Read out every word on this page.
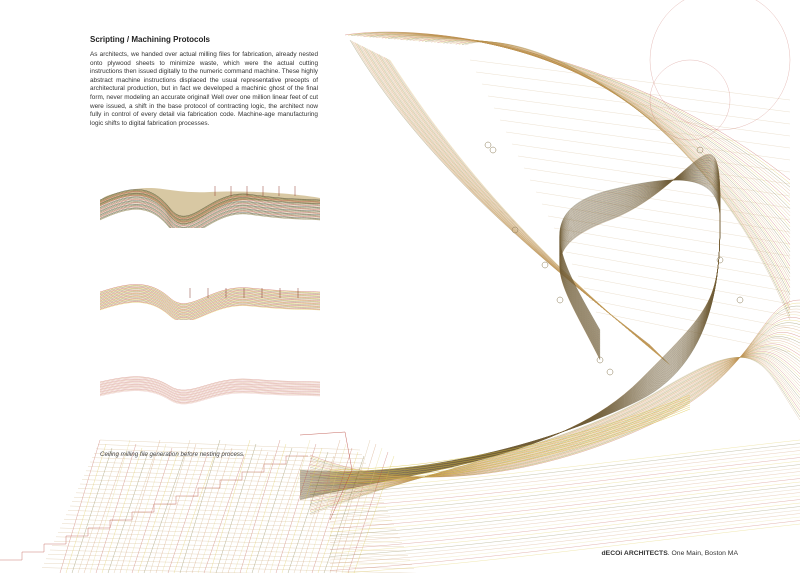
Scripting / Machining Protocols
As architects, we handed over actual milling files for fabrication, already nested onto plywood sheets to minimize waste, which were the actual cutting instructions then issued digitally to the numeric command machine. These highly abstract machine instructions displaced the usual representative precepts of architectural production, but in fact we developed a machinic ghost of the final form, never modeling an accurate original! Well over one million linear feet of cut were issued, a shift in the base protocol of contracting logic, the architect now fully in control of every detail via fabrication code. Machine-age manufacturing logic shifts to digital fabrication processes.
Ceiling milling file generation before nesting process.
dECOi ARCHITECTS. One Main, Boston MA
